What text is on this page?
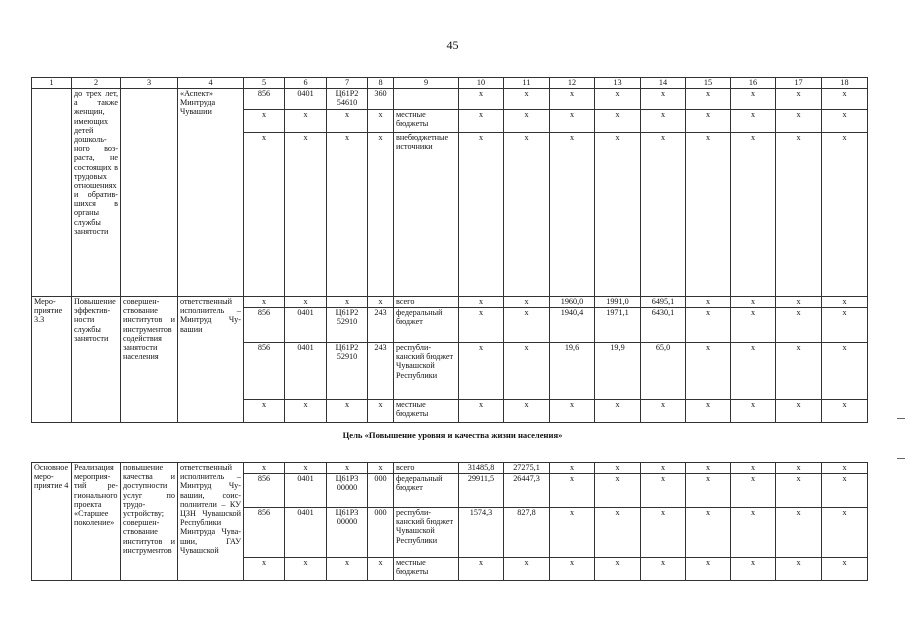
45
1	2	3	4	5	6	7	8	9	10	11	12	13	14	15	16	17	18
	до трех лет, а также женщин, имеющих детей дошкольного возраста, не состоящих в трудовых отношениях и обратившихся в органы службы занятости		«Аспект» Минтруда Чувашии	856	0401	Ц61Р2 54610	360		x	x	x	x	x	x	x	x	x
				x	x	x	x	местные бюджеты	x	x	x	x	x	x	x	x	x
				x	x	x	x	внебюджетные источники	x	x	x	x	x	x	x	x	x
Мероприятие 3.3	Повышение эффективности службы занятости	совершенствование институтов и инструментов содействия занятости населения	ответственный исполнитель – Минтруд Чувашии	x	x	x	x	всего	x	x	1960,0	1991,0	6495,1	x	x	x	x
				856	0401	Ц61Р2 52910	243	федеральный бюджет	x	x	1940,4	1971,1	6430,1	x	x	x	x
				856	0401	Ц61Р2 52910	243	республиканский бюджет Чувашской Республики	x	x	19,6	19,9	65,0	x	x	x	x
				x	x	x	x	местные бюджеты	x	x	x	x	x	x	x	x	x
Цель «Повышение уровня и качества жизни населения»
Основное мероприятие 4	Реализация мероприятий регионального проекта «Старшее поколение»	повышение качества и доступности услуг по трудоустройству; совершенствование институтов и инструментов	ответственный исполнитель – Минтруд Чувашии, соисполнители – КУ ЦЗН Чувашской Республики Минтруда Чувашии, ГАУ Чувашской	x	x	x	x	всего	31485,8	27275,1	x	x	x	x	x	x	x
				856	0401	Ц61Р3 00000	000	федеральный бюджет	29911,5	26447,3	x	x	x	x	x	x	x
				856	0401	Ц61Р3 00000	000	республиканский бюджет Чувашской Республики	1574,3	827,8	x	x	x	x	x	x	x
				x	x	x	x	местные бюджеты	x	x	x	x	x	x	x	x	x
